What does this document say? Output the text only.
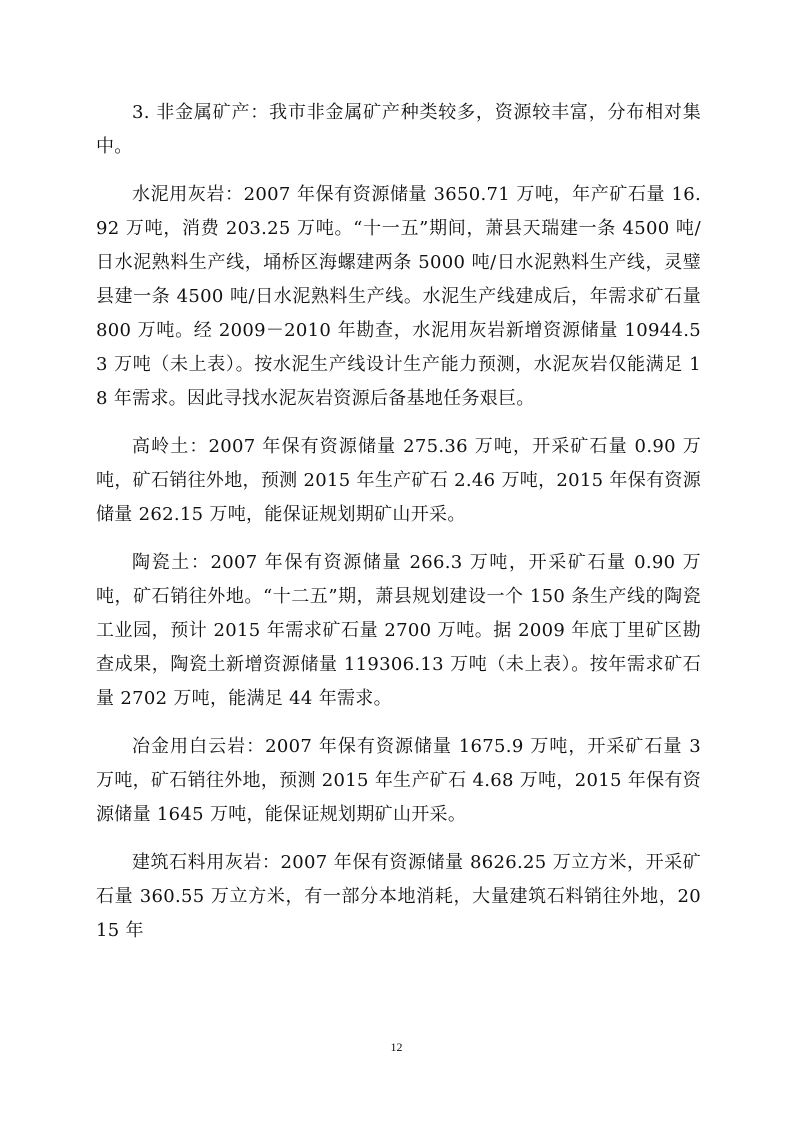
3. 非金属矿产：我市非金属矿产种类较多，资源较丰富，分布相对集中。

水泥用灰岩：2007 年保有资源储量 3650.71 万吨，年产矿石量 16.92 万吨，消费 203.25 万吨。“十一五”期间，萧县天瑞建一条 4500 吨/日水泥熟料生产线，埇桥区海螺建两条 5000 吨/日水泥熟料生产线，灵璧县建一条 4500 吨/日水泥熟料生产线。水泥生产线建成后，年需求矿石量 800 万吨。经 2009－2010 年勘查，水泥用灰岩新增资源储量 10944.53 万吨（未上表）。按水泥生产线设计生产能力预测，水泥灰岩仅能满足 18 年需求。因此寻找水泥灰岩资源后备基地任务艰巨。

高岭土：2007 年保有资源储量 275.36 万吨，开采矿石量 0.90 万吨，矿石销往外地，预测 2015 年生产矿石 2.46 万吨，2015 年保有资源储量 262.15 万吨，能保证规划期矿山开采。

陶瓷土：2007 年保有资源储量 266.3 万吨，开采矿石量 0.90 万吨，矿石销往外地。“十二五”期，萧县规划建设一个 150 条生产线的陶瓷工业园，预计 2015 年需求矿石量 2700 万吨。据 2009 年底丁里矿区勘查成果，陶瓷土新增资源储量 119306.13 万吨（未上表）。按年需求矿石量 2702 万吨，能满足 44 年需求。

冶金用白云岩：2007 年保有资源储量 1675.9 万吨，开采矿石量 3 万吨，矿石销往外地，预测 2015 年生产矿石 4.68 万吨，2015 年保有资源储量 1645 万吨，能保证规划期矿山开采。

建筑石料用灰岩：2007 年保有资源储量 8626.25 万立方米，开采矿石量 360.55 万立方米，有一部分本地消耗，大量建筑石料销往外地，2015 年

12
